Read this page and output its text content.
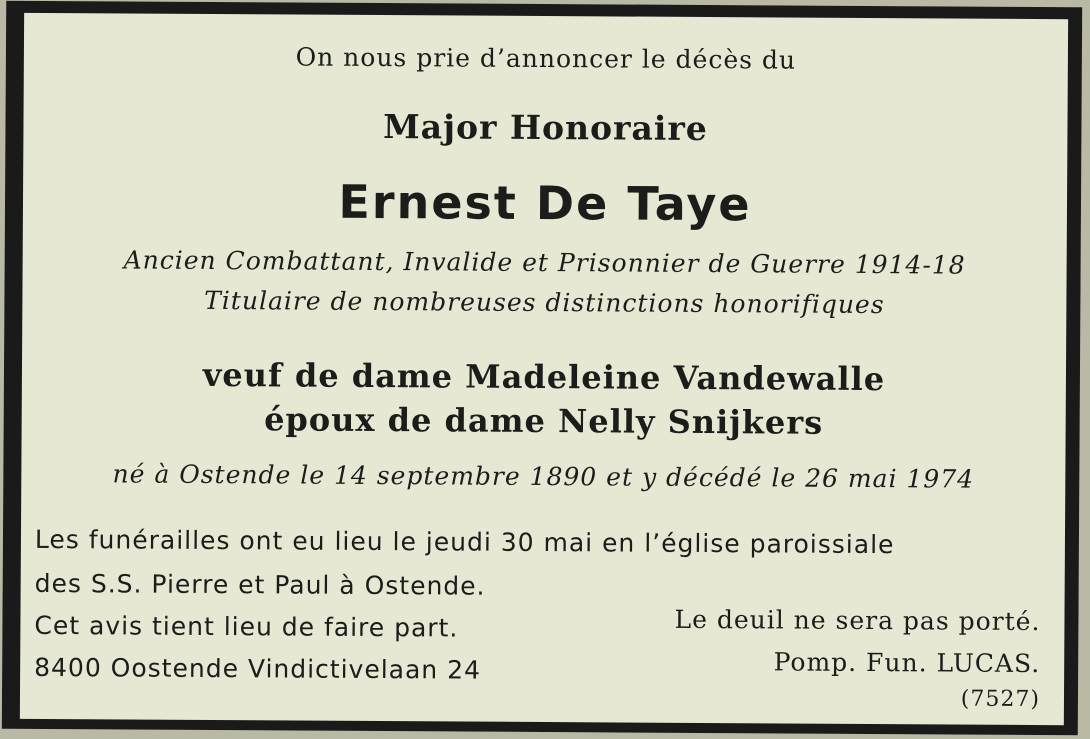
On nous prie d’annoncer le décès du
Major Honoraire
Ernest De Taye
Ancien Combattant, Invalide et Prisonnier de Guerre 1914-18
Titulaire de nombreuses distinctions honorifiques
veuf de dame Madeleine Vandewalle
époux de dame Nelly Snijkers
né à Ostende le 14 septembre 1890 et y décédé le 26 mai 1974
Les funérailles ont eu lieu le jeudi 30 mai en l’église paroissiale
des S.S. Pierre et Paul à Ostende.
Cet avis tient lieu de faire part.
8400 Oostende Vindictivelaan 24
Le deuil ne sera pas porté.
Pomp. Fun. LUCAS.
(7527)
